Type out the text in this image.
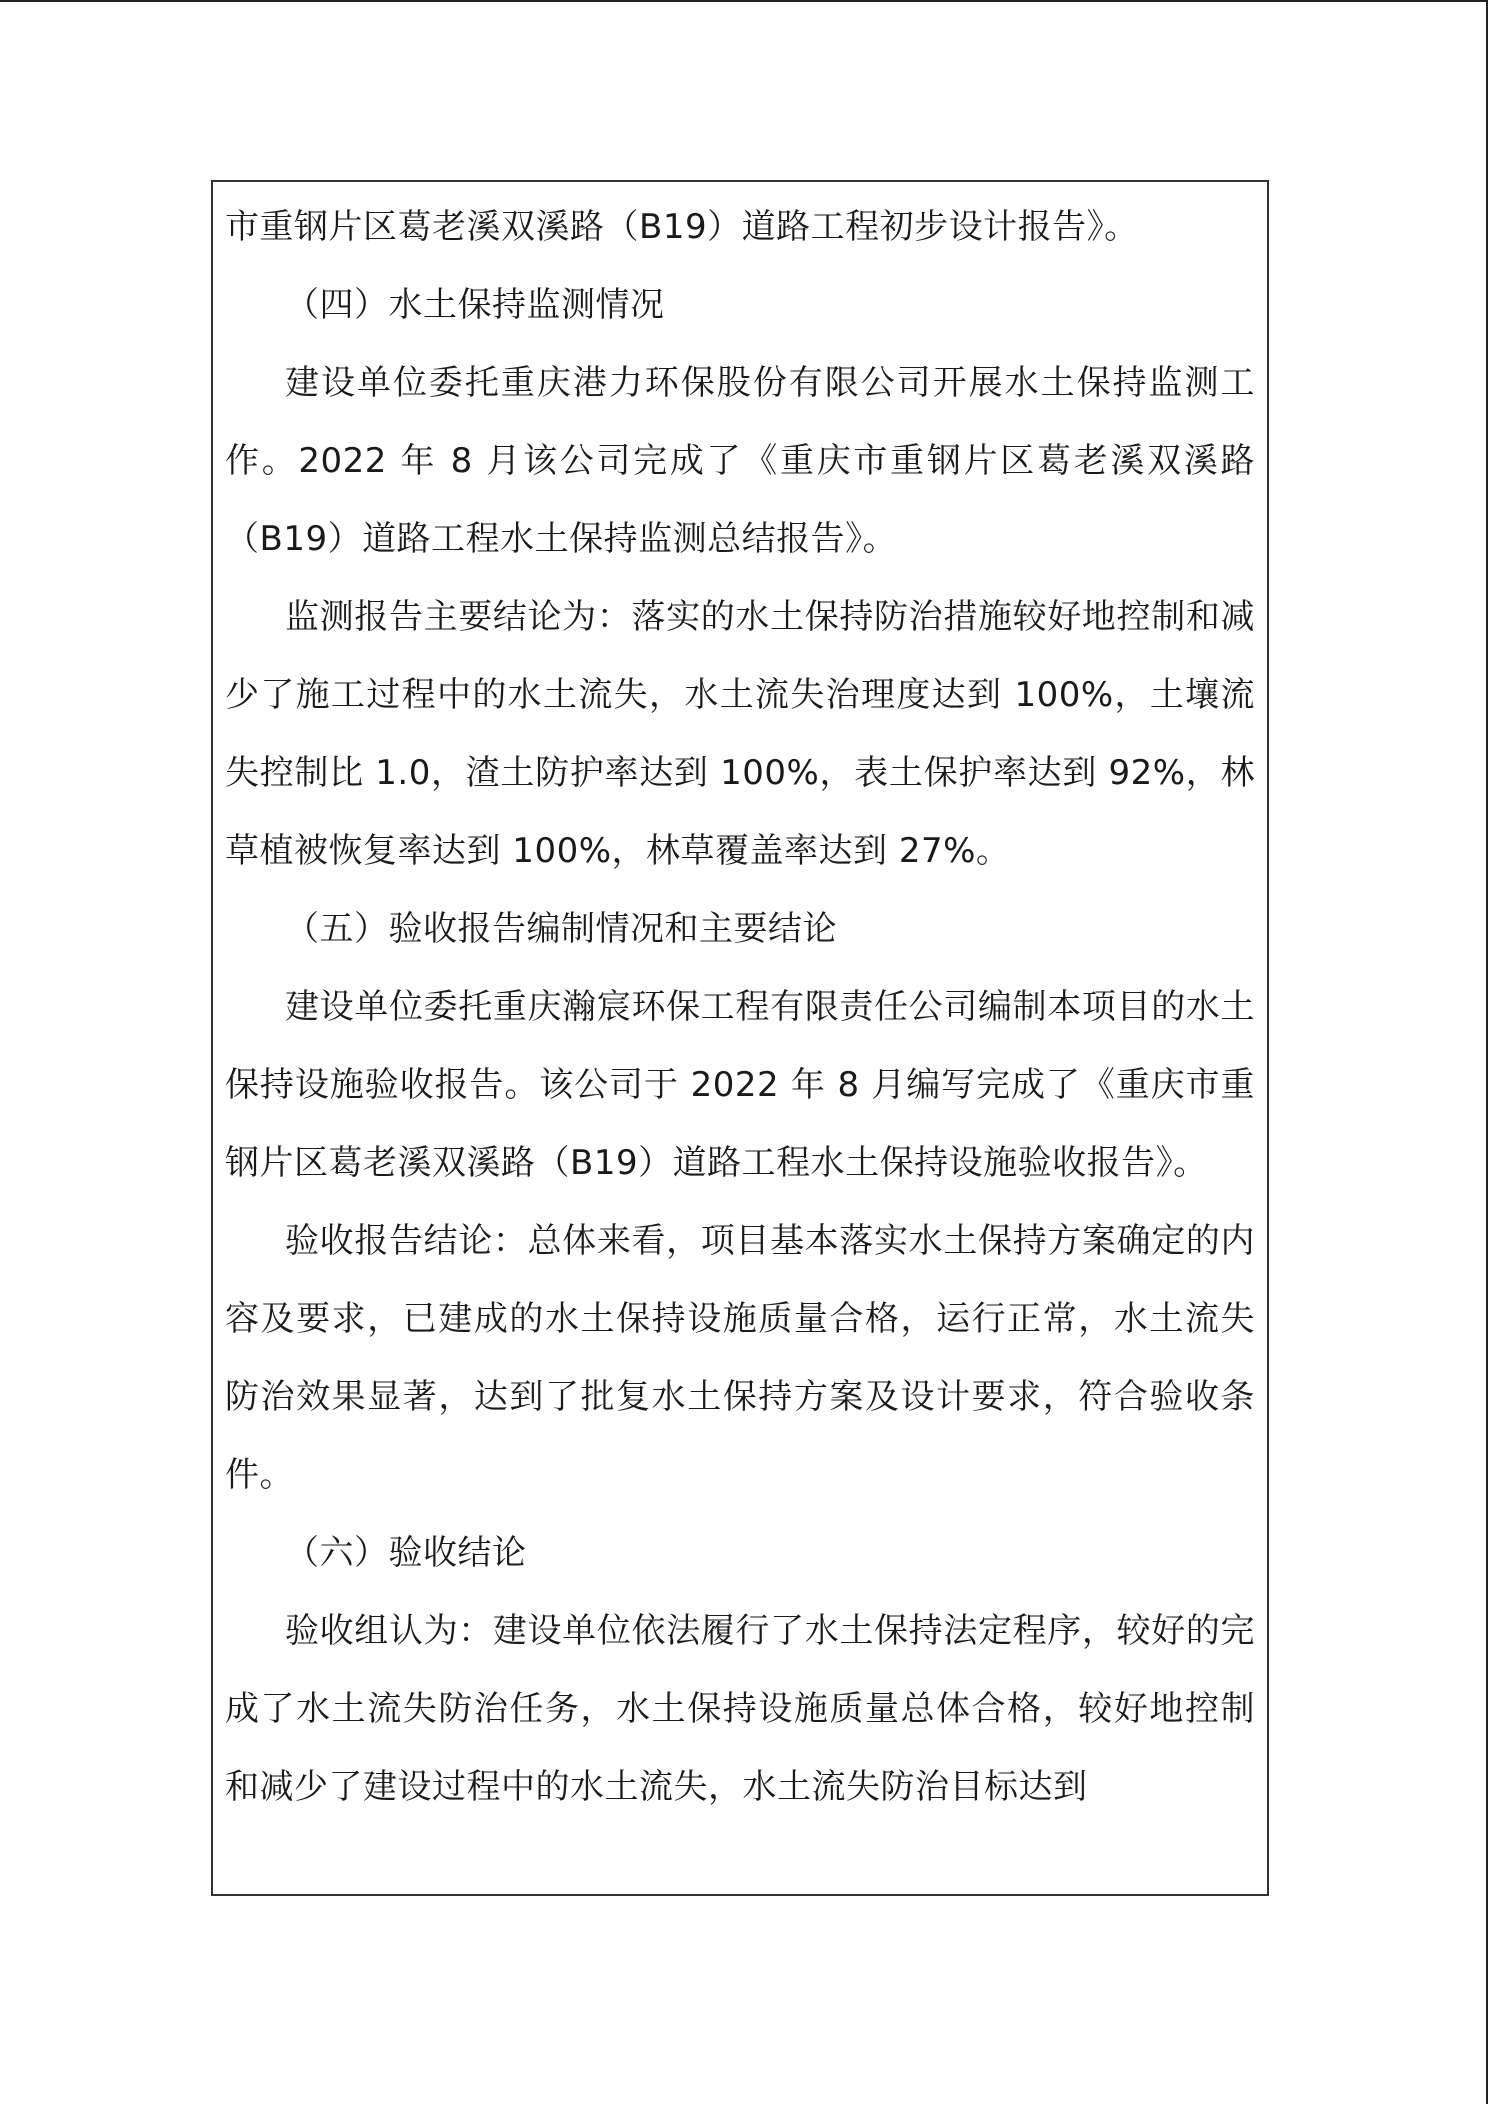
市重钢片区葛老溪双溪路（B19）道路工程初步设计报告》。

（四）水土保持监测情况

建设单位委托重庆港力环保股份有限公司开展水土保持监测工作。2022 年 8 月该公司完成了《重庆市重钢片区葛老溪双溪路（B19）道路工程水土保持监测总结报告》。

监测报告主要结论为：落实的水土保持防治措施较好地控制和减少了施工过程中的水土流失，水土流失治理度达到 100%，土壤流失控制比 1.0，渣土防护率达到 100%，表土保护率达到 92%，林草植被恢复率达到 100%，林草覆盖率达到 27%。

（五）验收报告编制情况和主要结论

建设单位委托重庆瀚宸环保工程有限责任公司编制本项目的水土保持设施验收报告。该公司于 2022 年 8 月编写完成了《重庆市重钢片区葛老溪双溪路（B19）道路工程水土保持设施验收报告》。

验收报告结论：总体来看，项目基本落实水土保持方案确定的内容及要求，已建成的水土保持设施质量合格，运行正常，水土流失防治效果显著，达到了批复水土保持方案及设计要求，符合验收条件。

（六）验收结论

验收组认为：建设单位依法履行了水土保持法定程序，较好的完成了水土流失防治任务，水土保持设施质量总体合格，较好地控制和减少了建设过程中的水土流失，水土流失防治目标达到
